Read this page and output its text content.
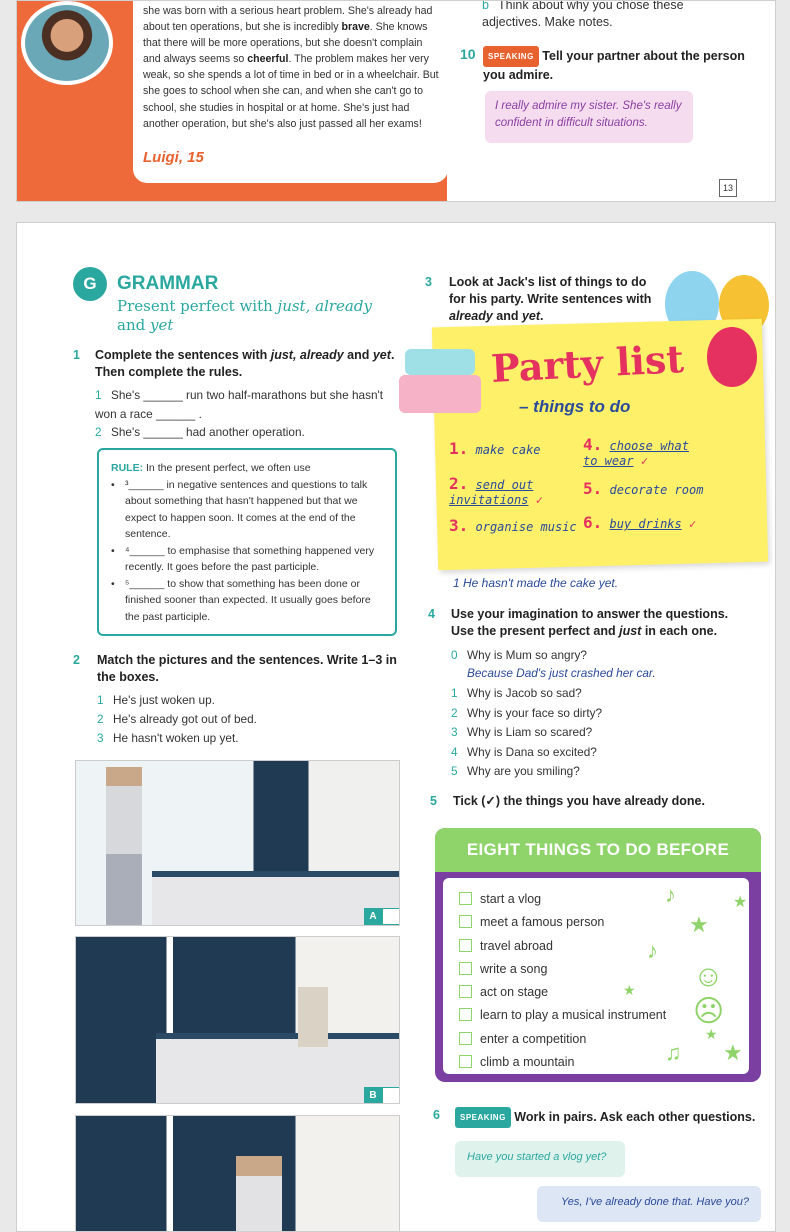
she was born with a serious heart problem. She's already had about ten operations, but she is incredibly brave. She knows that there will be more operations, but she doesn't complain and always seems so cheerful. The problem makes her very weak, so she spends a lot of time in bed or in a wheelchair. But she goes to school when she can, and when she can't go to school, she studies in hospital or at home. She's just had another operation, but she's also just passed all her exams!
Luigi, 15
b Think about why you chose these adjectives. Make notes.
10	SPEAKING Tell your partner about the person you admire.
I really admire my sister. She's really confident in difficult situations.
13
G	GRAMMAR
Present perfect with just, already and yet
1 Complete the sentences with just, already and yet. Then complete the rules.
1 She's ______ run two half-marathons but she hasn't won a race ______ .
2 She's ______ had another operation.
RULE: In the present perfect, we often use
• ³______ in negative sentences and questions to talk about something that hasn't happened but that we expect to happen soon. It comes at the end of the sentence.
• ⁴______ to emphasise that something happened very recently. It goes before the past participle.
• ⁵______ to show that something has been done or finished sooner than expected. It usually goes before the past participle.
2 Match the pictures and the sentences. Write 1–3 in the boxes.
1 He's just woken up.
2 He's already got out of bed.
3 He hasn't woken up yet.
A
B
3 Look at Jack's list of things to do for his party. Write sentences with already and yet.
Party list
– things to do
1. make cake
2. send out invitations ✓
3. organise music
4. choose what to wear ✓
5. decorate room
6. buy drinks ✓
1 He hasn't made the cake yet.
4 Use your imagination to answer the questions. Use the present perfect and just in each one.
0 Why is Mum so angry?
Because Dad's just crashed her car.
1 Why is Jacob so sad?
2 Why is your face so dirty?
3 Why is Liam so scared?
4 Why is Dana so excited?
5 Why are you smiling?
5 Tick (✓) the things you have already done.
EIGHT THINGS TO DO BEFORE
start a vlog
meet a famous person
travel abroad
write a song
act on stage
learn to play a musical instrument
enter a competition
climb a mountain
♪	★
★
♪
☺☹
★
★
♫ ★
6	SPEAKING Work in pairs. Ask each other questions.
Have you started a vlog yet?
Yes, I've already done that. Have you?
